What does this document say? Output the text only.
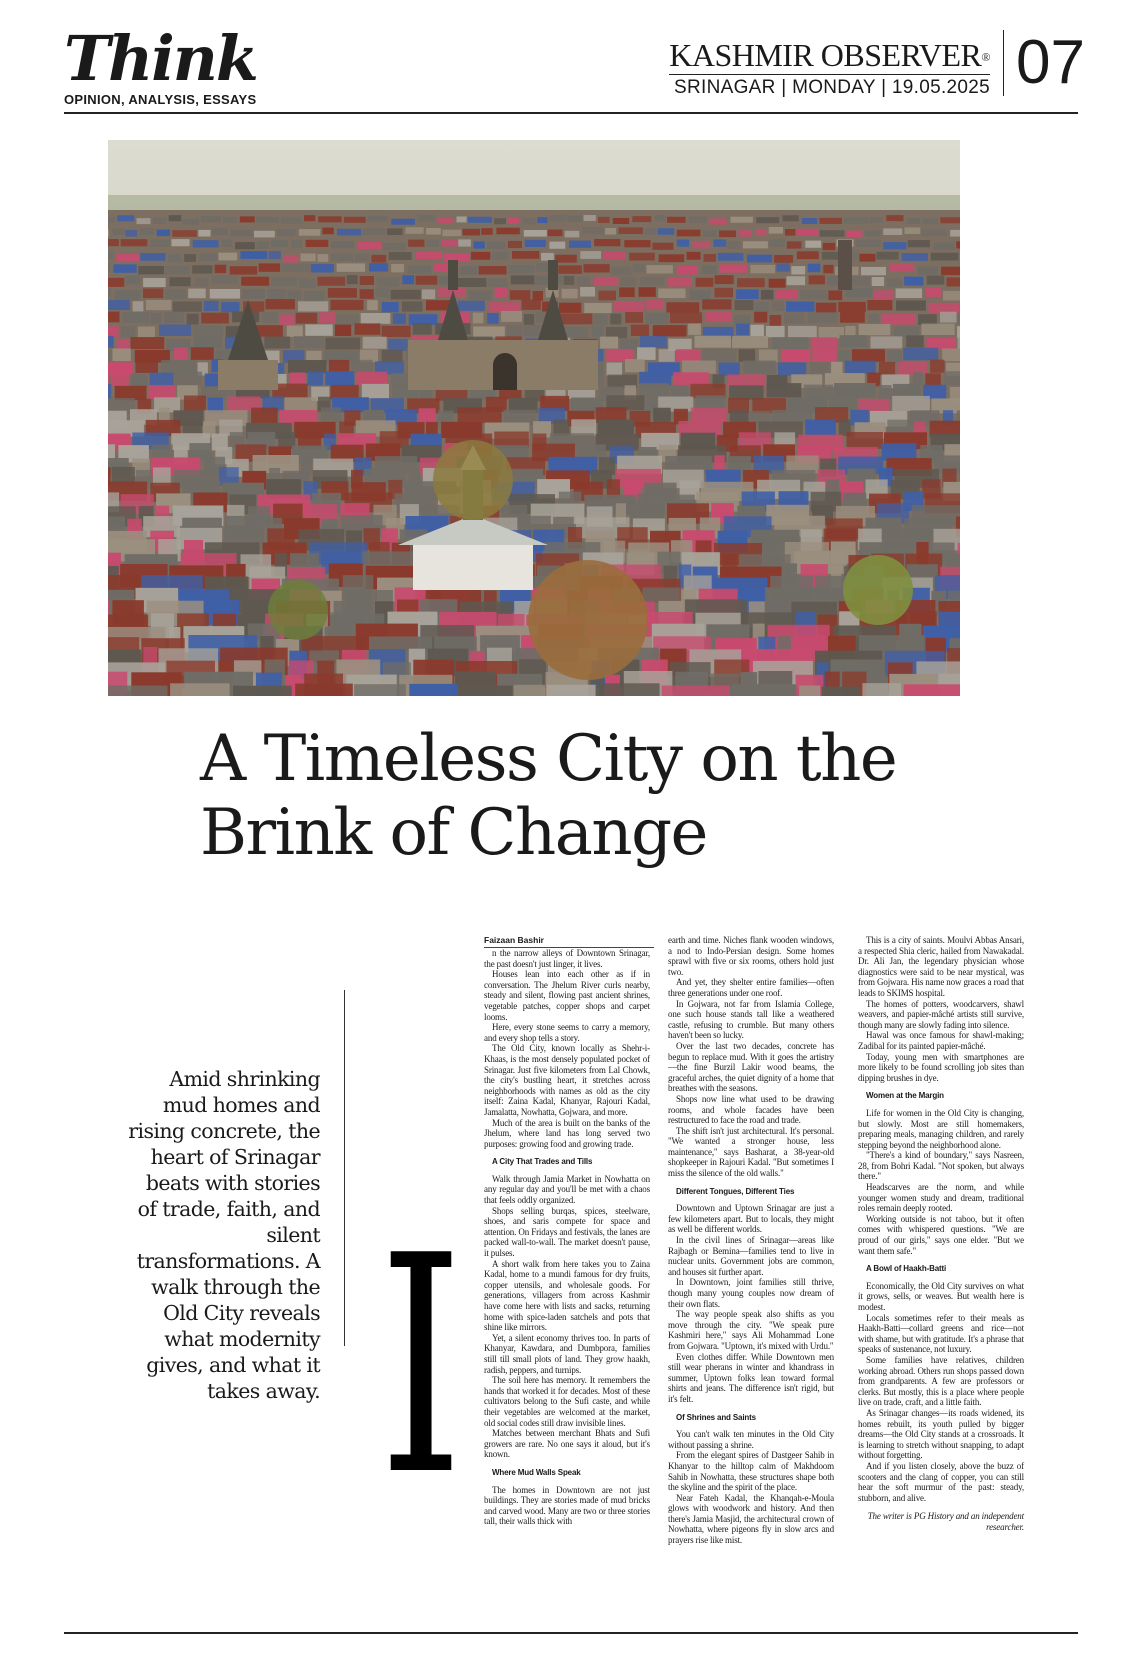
Think
OPINION, ANALYSIS, ESSAYS
KASHMIR OBSERVER®
SRINAGAR | MONDAY | 19.05.2025 07
A Timeless City on the
Brink of Change
Amid shrinking mud homes and rising concrete, the heart of Srinagar beats with stories of trade, faith, and silent transformations. A walk through the Old City reveals what modernity gives, and what it takes away. I
Faizaan Bashir

n the narrow alleys of Downtown Srinagar, the past doesn't just linger, it lives.

Houses lean into each other as if in conversation. The Jhelum River curls nearby, steady and silent, flowing past ancient shrines, vegetable patches, copper shops and carpet looms.

Here, every stone seems to carry a memory, and every shop tells a story.

The Old City, known locally as Shehr-i-Khaas, is the most densely populated pocket of Srinagar. Just five kilometers from Lal Chowk, the city's bustling heart, it stretches across neighborhoods with names as old as the city itself: Zaina Kadal, Khanyar, Rajouri Kadal, Jamalatta, Nowhatta, Gojwara, and more.

Much of the area is built on the banks of the Jhelum, where land has long served two purposes: growing food and growing trade.

A City That Trades and Tills

Walk through Jamia Market in Nowhatta on any regular day and you'll be met with a chaos that feels oddly organized.

Shops selling burqas, spices, steelware, shoes, and saris compete for space and attention. On Fridays and festivals, the lanes are packed wall-to-wall. The market doesn't pause, it pulses.

A short walk from here takes you to Zaina Kadal, home to a mundi famous for dry fruits, copper utensils, and wholesale goods. For generations, villagers from across Kashmir have come here with lists and sacks, returning home with spice-laden satchels and pots that shine like mirrors.

Yet, a silent economy thrives too. In parts of Khanyar, Kawdara, and Dumbpora, families still till small plots of land. They grow haakh, radish, peppers, and turnips.

The soil here has memory. It remembers the hands that worked it for decades. Most of these cultivators belong to the Sufi caste, and while their vegetables are welcomed at the market, old social codes still draw invisible lines.

Matches between merchant Bhats and Sufi growers are rare. No one says it aloud, but it's known.

Where Mud Walls Speak

The homes in Downtown are not just buildings. They are stories made of mud bricks and carved wood. Many are two or three stories tall, their walls thick with

earth and time. Niches flank wooden windows, a nod to Indo-Persian design. Some homes sprawl with five or six rooms, others hold just two.

And yet, they shelter entire families—often three generations under one roof.

In Gojwara, not far from Islamia College, one such house stands tall like a weathered castle, refusing to crumble. But many others haven't been so lucky.

Over the last two decades, concrete has begun to replace mud. With it goes the artistry—the fine Burzil Lakir wood beams, the graceful arches, the quiet dignity of a home that breathes with the seasons.

Shops now line what used to be drawing rooms, and whole facades have been restructured to face the road and trade.

The shift isn't just architectural. It's personal. "We wanted a stronger house, less maintenance," says Basharat, a 38-year-old shopkeeper in Rajouri Kadal. "But sometimes I miss the silence of the old walls."

Different Tongues, Different Ties

Downtown and Uptown Srinagar are just a few kilometers apart. But to locals, they might as well be different worlds.

In the civil lines of Srinagar—areas like Rajbagh or Bemina—families tend to live in nuclear units. Government jobs are common, and houses sit further apart.

In Downtown, joint families still thrive, though many young couples now dream of their own flats.

The way people speak also shifts as you move through the city. "We speak pure Kashmiri here," says Ali Mohammad Lone from Gojwara. "Uptown, it's mixed with Urdu."

Even clothes differ. While Downtown men still wear pherans in winter and khandrass in summer, Uptown folks lean toward formal shirts and jeans. The difference isn't rigid, but it's felt.

Of Shrines and Saints

You can't walk ten minutes in the Old City without passing a shrine.

From the elegant spires of Dastgeer Sahib in Khanyar to the hilltop calm of Makhdoom Sahib in Nowhatta, these structures shape both the skyline and the spirit of the place.

Near Fateh Kadal, the Khanqah-e-Moula glows with woodwork and history. And then there's Jamia Masjid, the architectural crown of Nowhatta, where pigeons fly in slow arcs and prayers rise like mist.

This is a city of saints. Moulvi Abbas Ansari, a respected Shia cleric, hailed from Nawakadal. Dr. Ali Jan, the legendary physician whose diagnostics were said to be near mystical, was from Gojwara. His name now graces a road that leads to SKIMS hospital.

The homes of potters, woodcarvers, shawl weavers, and papier-mâché artists still survive, though many are slowly fading into silence.

Hawal was once famous for shawl-making; Zadibal for its painted papier-mâché.

Today, young men with smartphones are more likely to be found scrolling job sites than dipping brushes in dye.

Women at the Margin

Life for women in the Old City is changing, but slowly. Most are still homemakers, preparing meals, managing children, and rarely stepping beyond the neighborhood alone.

"There's a kind of boundary," says Nasreen, 28, from Bohri Kadal. "Not spoken, but always there."

Headscarves are the norm, and while younger women study and dream, traditional roles remain deeply rooted.

Working outside is not taboo, but it often comes with whispered questions. "We are proud of our girls," says one elder. "But we want them safe."

A Bowl of Haakh-Batti

Economically, the Old City survives on what it grows, sells, or weaves. But wealth here is modest.

Locals sometimes refer to their meals as Haakh-Batti—collard greens and rice—not with shame, but with gratitude. It's a phrase that speaks of sustenance, not luxury.

Some families have relatives, children working abroad. Others run shops passed down from grandparents. A few are professors or clerks. But mostly, this is a place where people live on trade, craft, and a little faith.

As Srinagar changes—its roads widened, its homes rebuilt, its youth pulled by bigger dreams—the Old City stands at a crossroads. It is learning to stretch without snapping, to adapt without forgetting.

And if you listen closely, above the buzz of scooters and the clang of copper, you can still hear the soft murmur of the past: steady, stubborn, and alive.

The writer is PG History and an independent researcher.
